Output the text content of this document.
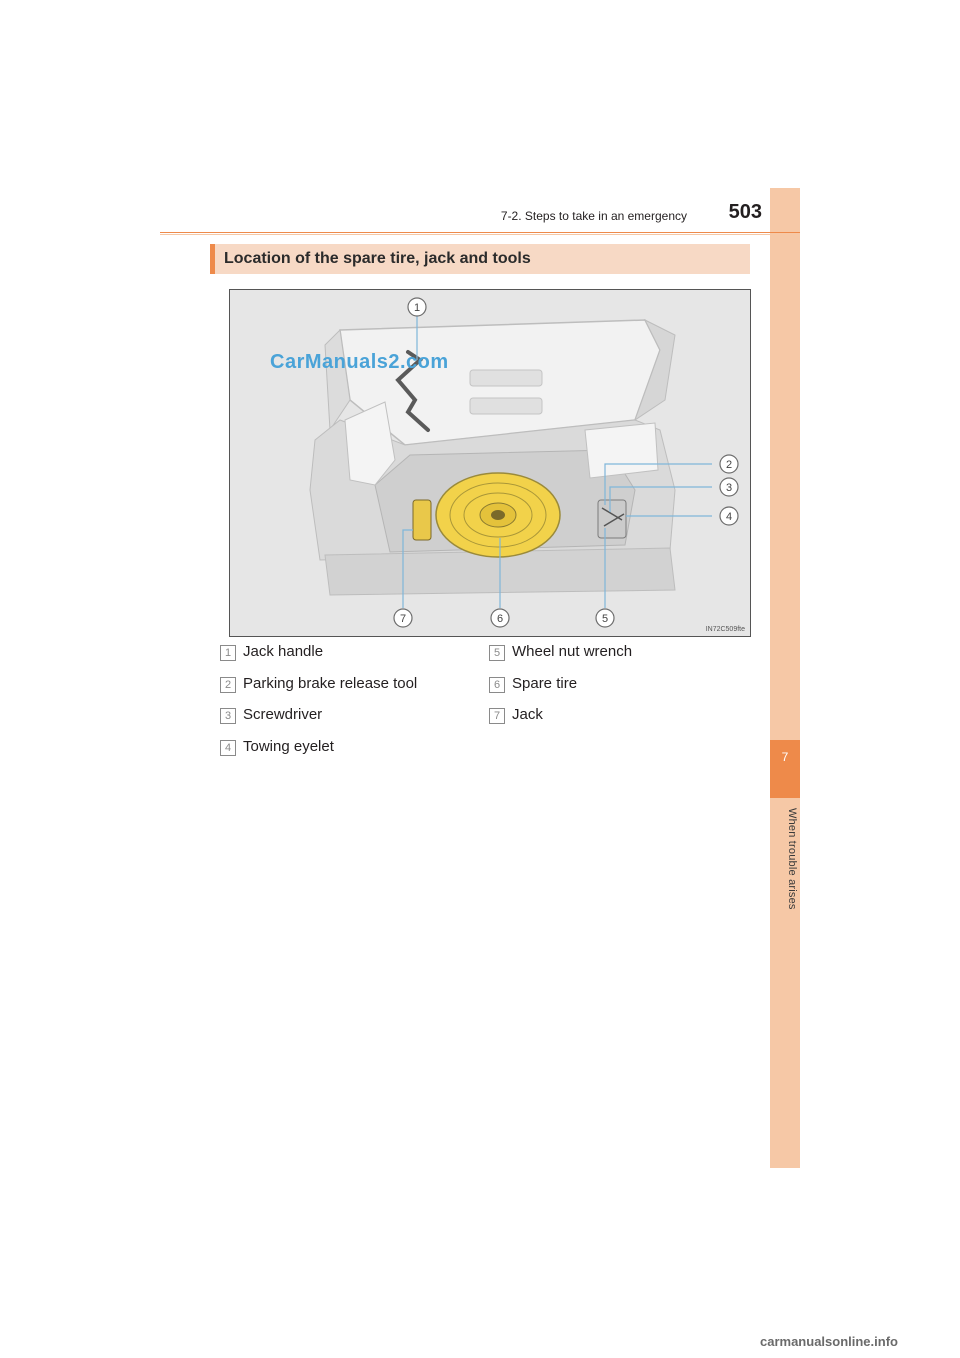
7
When trouble arises
7-2. Steps to take in an emergency	503
Location of the spare tire, jack and tools
1
2
3
4
5
6
7
IN72C509fte
CarManuals2.com
1 Jack handle
2 Parking brake release tool
3 Screwdriver
4 Towing eyelet
5 Wheel nut wrench
6 Spare tire
7 Jack
carmanualsonline.info
